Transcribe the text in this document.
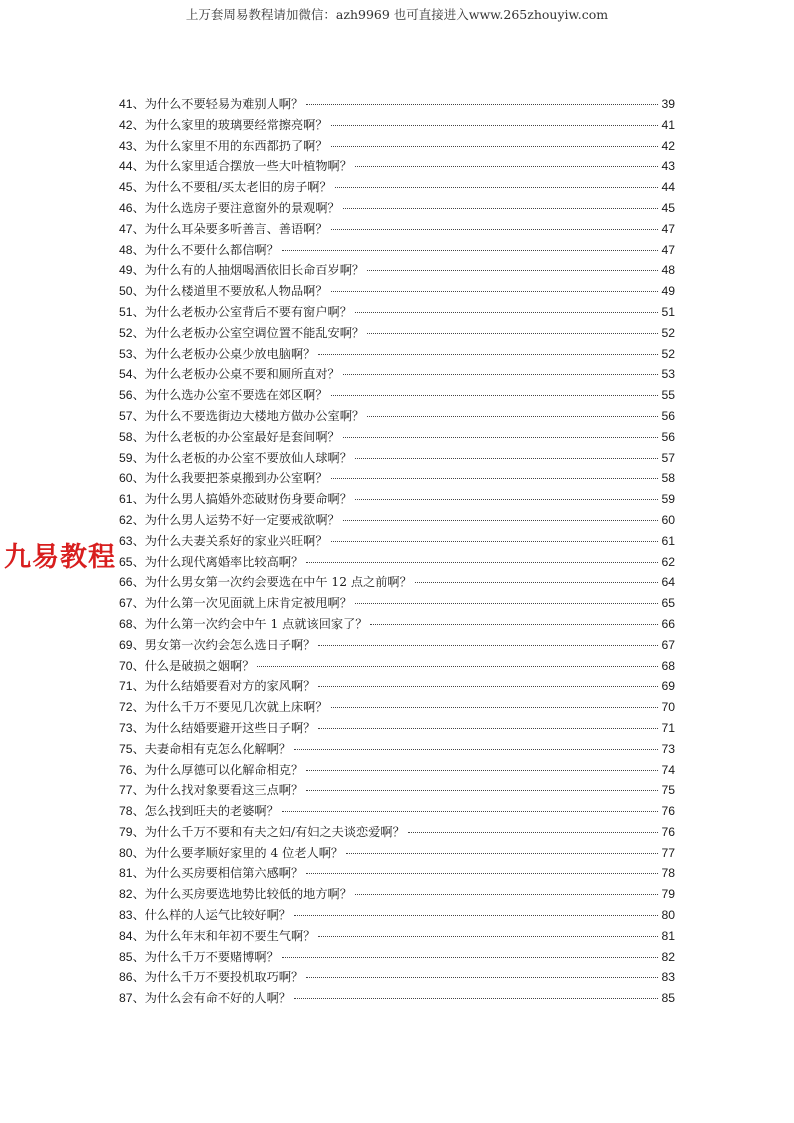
上万套周易教程请加微信：azh9969 也可直接进入www.265zhouyiw.com
41 、 为什么不要轻易为难别人啊？	39
42 、 为什么家里的玻璃要经常擦亮啊？	41
43 、 为什么家里不用的东西都扔了啊？	42
44 、 为什么家里适合摆放一些大叶植物啊？	43
45 、 为什么不要租/买太老旧的房子啊？	44
46 、 为什么选房子要注意窗外的景观啊？	45
47 、 为什么耳朵要多听善言、善语啊？	47
48 、 为什么不要什么都信啊？	47
49 、 为什么有的人抽烟喝酒依旧长命百岁啊？	48
50 、 为什么楼道里不要放私人物品啊？	49
51 、 为什么老板办公室背后不要有窗户啊？	51
52 、 为什么老板办公室空调位置不能乱安啊？	52
53 、 为什么老板办公桌少放电脑啊？	52
54 、 为什么老板办公桌不要和厕所直对？	53
56 、 为什么选办公室不要选在郊区啊？	55
57 、 为什么不要选街边大楼地方做办公室啊？	56
58 、 为什么老板的办公室最好是套间啊？	56
59 、 为什么老板的办公室不要放仙人球啊？	57
60 、 为什么我要把茶桌搬到办公室啊？	58
61 、 为什么男人搞婚外恋破财伤身要命啊？	59
62 、 为什么男人运势不好一定要戒欲啊？	60
63 、 为什么夫妻关系好的家业兴旺啊？	61
65 、 为什么现代离婚率比较高啊？	62
66 、 为什么男女第一次约会要选在中午 12 点之前啊？	64
67 、 为什么第一次见面就上床肯定被甩啊？	65
68 、 为什么第一次约会中午 1 点就该回家了？	66
69 、 男女第一次约会怎么选日子啊？	67
70 、 什么是破损之姻啊？	68
71 、 为什么结婚要看对方的家风啊？	69
72 、 为什么千万不要见几次就上床啊？	70
73 、 为什么结婚要避开这些日子啊？	71
75 、 夫妻命相有克怎么化解啊？	73
76 、 为什么厚德可以化解命相克？	74
77 、 为什么找对象要看这三点啊？	75
78 、 怎么找到旺夫的老婆啊？	76
79 、 为什么千万不要和有夫之妇/有妇之夫谈恋爱啊？	76
80 、 为什么要孝顺好家里的 4 位老人啊？	77
81 、 为什么买房要相信第六感啊？	78
82 、 为什么买房要选地势比较低的地方啊？	79
83 、 什么样的人运气比较好啊？	80
84 、 为什么年末和年初不要生气啊？	81
85 、 为什么千万不要赌博啊？	82
86 、 为什么千万不要投机取巧啊？	83
87 、 为什么会有命不好的人啊？	85
九易教程
